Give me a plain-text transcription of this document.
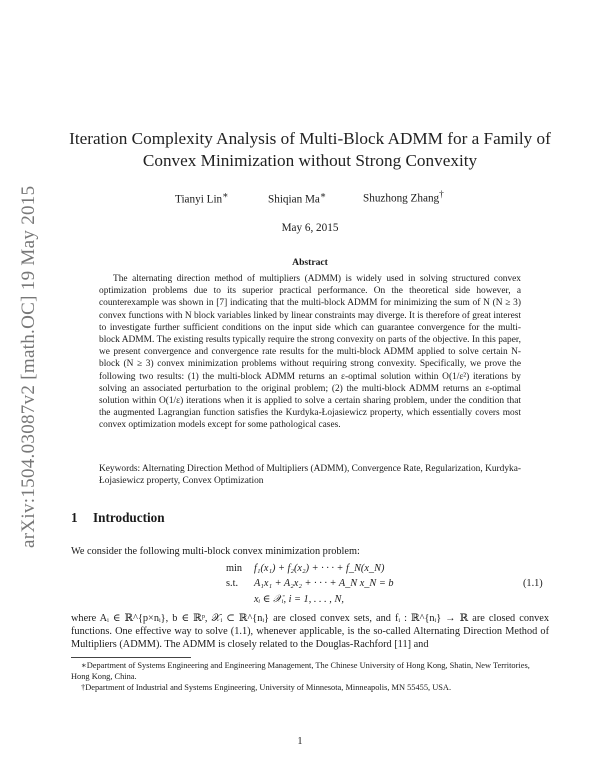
arXiv:1504.03087v2 [math.OC] 19 May 2015
Iteration Complexity Analysis of Multi-Block ADMM for a Family of
Convex Minimization without Strong Convexity
Tianyi Lin∗	Shiqian Ma∗	Shuzhong Zhang†
May 6, 2015
Abstract

The alternating direction method of multipliers (ADMM) is widely used in solving structured convex optimization problems due to its superior practical performance. On the theoretical side however, a counterexample was shown in [7] indicating that the multi-block ADMM for minimizing the sum of N (N ≥ 3) convex functions with N block variables linked by linear constraints may diverge. It is therefore of great interest to investigate further sufficient conditions on the input side which can guarantee convergence for the multi-block ADMM. The existing results typically require the strong convexity on parts of the objective. In this paper, we present convergence and convergence rate results for the multi-block ADMM applied to solve certain N-block (N ≥ 3) convex minimization problems without requiring strong convexity. Specifically, we prove the following two results: (1) the multi-block ADMM returns an ε-optimal solution within O(1/ε²) iterations by solving an associated perturbation to the original problem; (2) the multi-block ADMM returns an ε-optimal solution within O(1/ε) iterations when it is applied to solve a certain sharing problem, under the condition that the augmented Lagrangian function satisfies the Kurdyka-Łojasiewicz property, which essentially covers most convex optimization models except for some pathological cases.

Keywords: Alternating Direction Method of Multipliers (ADMM), Convergence Rate, Regularization, Kurdyka-Łojasiewicz property, Convex Optimization

1 Introduction

We consider the following multi-block convex minimization problem:

min f₁(x₁) + f₂(x₂) + · · · + f_N(x_N)
s.t. A₁x₁ + A₂x₂ + · · · + A_N x_N = b
xᵢ ∈ 𝒳ᵢ, i = 1, . . . , N,
(1.1)

where Aᵢ ∈ ℝ^{p×nᵢ}, b ∈ ℝᵖ, 𝒳ᵢ ⊂ ℝ^{nᵢ} are closed convex sets, and fᵢ : ℝ^{nᵢ} → ℝ are closed convex functions. One effective way to solve (1.1), whenever applicable, is the so-called Alternating Direction Method of Multipliers (ADMM). The ADMM is closely related to the Douglas-Rachford [11] and

∗Department of Systems Engineering and Engineering Management, The Chinese University of Hong Kong, Shatin, New Territories, Hong Kong, China.

†Department of Industrial and Systems Engineering, University of Minnesota, Minneapolis, MN 55455, USA.

1
